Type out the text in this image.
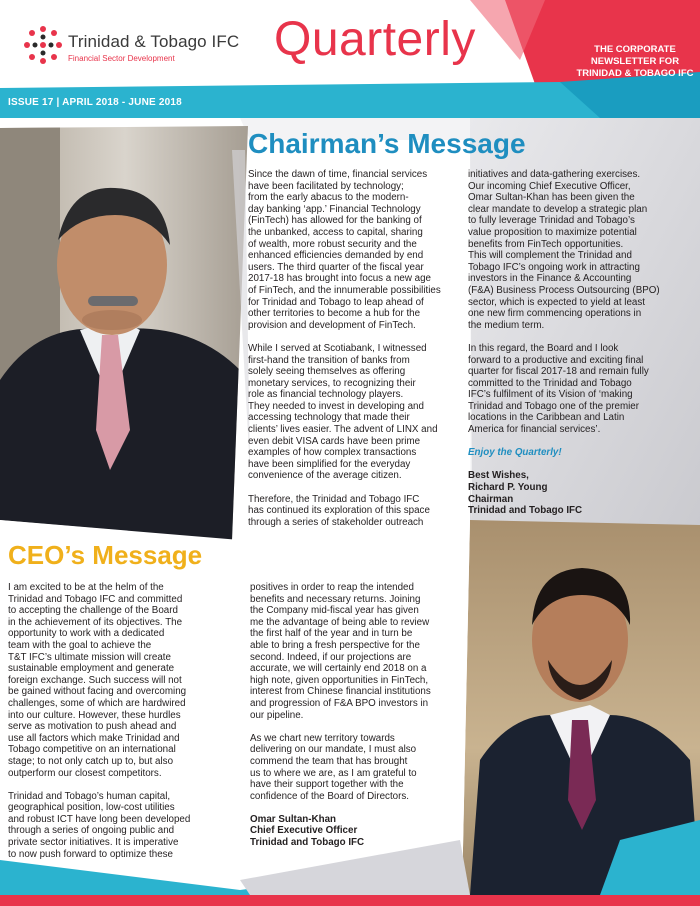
Trinidad & Tobago IFC
Financial Sector Development Quarterly	THE CORPORATE
NEWSLETTER FOR
TRINIDAD & TOBAGO IFC
ISSUE 17 | APRIL 2018 - JUNE 2018
Chairman’s Message
Since the dawn of time, financial services
have been facilitated by technology;
from the early abacus to the modern-
day banking ‘app.’ Financial Technology
(FinTech) has allowed for the banking of
the unbanked, access to capital, sharing
of wealth, more robust security and the
enhanced efficiencies demanded by end
users. The third quarter of the fiscal year
2017-18 has brought into focus a new age
of FinTech, and the innumerable possibilities
for Trinidad and Tobago to leap ahead of
other territories to become a hub for the
provision and development of FinTech.
While I served at Scotiabank, I witnessed
first-hand the transition of banks from
solely seeing themselves as offering
monetary services, to recognizing their
role as financial technology players.
They needed to invest in developing and
accessing technology that made their
clients’ lives easier. The advent of LINX and
even debit VISA cards have been prime
examples of how complex transactions
have been simplified for the everyday
convenience of the average citizen.
Therefore, the Trinidad and Tobago IFC
has continued its exploration of this space
through a series of stakeholder outreach
initiatives and data-gathering exercises.
Our incoming Chief Executive Officer,
Omar Sultan-Khan has been given the
clear mandate to develop a strategic plan
to fully leverage Trinidad and Tobago’s
value proposition to maximize potential
benefits from FinTech opportunities.
This will complement the Trinidad and
Tobago IFC’s ongoing work in attracting
investors in the Finance & Accounting
(F&A) Business Process Outsourcing (BPO)
sector, which is expected to yield at least
one new firm commencing operations in
the medium term.
In this regard, the Board and I look
forward to a productive and exciting final
quarter for fiscal 2017-18 and remain fully
committed to the Trinidad and Tobago
IFC’s fulfilment of its Vision of ‘making
Trinidad and Tobago one of the premier
locations in the Caribbean and Latin
America for financial services’.
Enjoy the Quarterly!
Best Wishes,
Richard P. Young
Chairman
Trinidad and Tobago IFC
CEO’s Message
I am excited to be at the helm of the
Trinidad and Tobago IFC and committed
to accepting the challenge of the Board
in the achievement of its objectives. The
opportunity to work with a dedicated
team with the goal to achieve the
T&T IFC’s ultimate mission will create
sustainable employment and generate
foreign exchange. Such success will not
be gained without facing and overcoming
challenges, some of which are hardwired
into our culture. However, these hurdles
serve as motivation to push ahead and
use all factors which make Trinidad and
Tobago competitive on an international
stage; to not only catch up to, but also
outperform our closest competitors.
Trinidad and Tobago’s human capital,
geographical position, low-cost utilities
and robust ICT have long been developed
through a series of ongoing public and
private sector initiatives. It is imperative
to now push forward to optimize these
positives in order to reap the intended
benefits and necessary returns. Joining
the Company mid-fiscal year has given
me the advantage of being able to review
the first half of the year and in turn be
able to bring a fresh perspective for the
second. Indeed, if our projections are
accurate, we will certainly end 2018 on a
high note, given opportunities in FinTech,
interest from Chinese financial institutions
and progression of F&A BPO investors in
our pipeline.
As we chart new territory towards
delivering on our mandate, I must also
commend the team that has brought
us to where we are, as I am grateful to
have their support together with the
confidence of the Board of Directors.
Omar Sultan-Khan
Chief Executive Officer
Trinidad and Tobago IFC
